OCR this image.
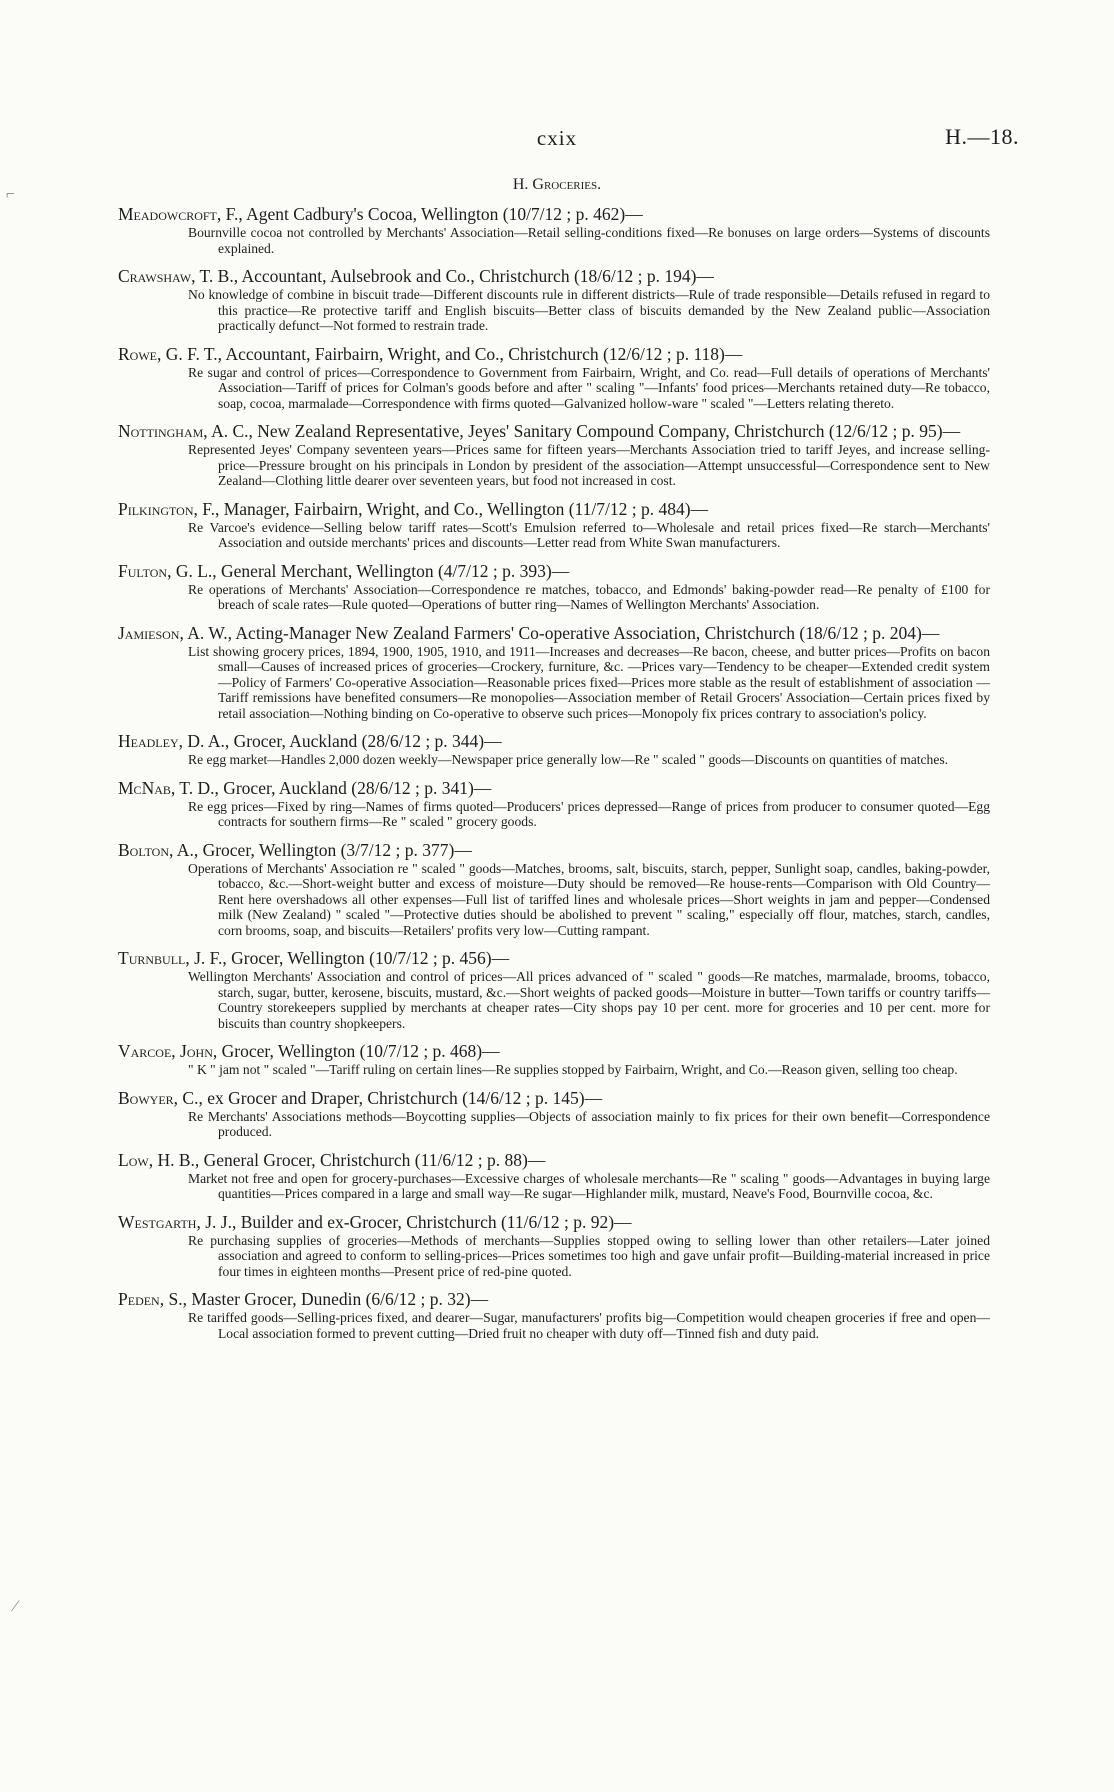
cxix	H.—18.
H. Groceries.
⌐
⁄
Meadowcroft, F., Agent Cadbury's Cocoa, Wellington (10/7/12 ; p. 462)—
Bournville cocoa not controlled by Merchants' Association—Retail selling-conditions fixed—Re bonuses on large orders—Systems of discounts explained.
Crawshaw, T. B., Accountant, Aulsebrook and Co., Christchurch (18/6/12 ; p. 194)—
No knowledge of combine in biscuit trade—Different discounts rule in different districts—Rule of trade responsible—Details refused in regard to this practice—Re protective tariff and English biscuits—Better class of biscuits demanded by the New Zealand public—Association practically defunct—Not formed to restrain trade.
Rowe, G. F. T., Accountant, Fairbairn, Wright, and Co., Christchurch (12/6/12 ; p. 118)—
Re sugar and control of prices—Correspondence to Government from Fairbairn, Wright, and Co. read—Full details of operations of Merchants' Association—Tariff of prices for Colman's goods before and after " scaling "—Infants' food prices—Merchants retained duty—Re tobacco, soap, cocoa, marmalade—Correspondence with firms quoted—Galvanized hollow-ware " scaled "—Letters relating thereto.
Nottingham, A. C., New Zealand Representative, Jeyes' Sanitary Compound Company, Christchurch (12/6/12 ; p. 95)—
Represented Jeyes' Company seventeen years—Prices same for fifteen years—Merchants Association tried to tariff Jeyes, and increase selling-price—Pressure brought on his principals in London by president of the association—Attempt unsuccessful—Correspondence sent to New Zealand—Clothing little dearer over seventeen years, but food not increased in cost.
Pilkington, F., Manager, Fairbairn, Wright, and Co., Wellington (11/7/12 ; p. 484)—
Re Varcoe's evidence—Selling below tariff rates—Scott's Emulsion referred to—Wholesale and retail prices fixed—Re starch—Merchants' Association and outside merchants' prices and discounts—Letter read from White Swan manufacturers.
Fulton, G. L., General Merchant, Wellington (4/7/12 ; p. 393)—
Re operations of Merchants' Association—Correspondence re matches, tobacco, and Edmonds' baking-powder read—Re penalty of £100 for breach of scale rates—Rule quoted—Operations of butter ring—Names of Wellington Merchants' Association.
Jamieson, A. W., Acting-Manager New Zealand Farmers' Co-operative Association, Christchurch (18/6/12 ; p. 204)—
List showing grocery prices, 1894, 1900, 1905, 1910, and 1911—Increases and decreases—Re bacon, cheese, and butter prices—Profits on bacon small—Causes of increased prices of groceries—Crockery, furniture, &c. —Prices vary—Tendency to be cheaper—Extended credit system—Policy of Farmers' Co-operative Association—Reasonable prices fixed—Prices more stable as the result of establishment of association —Tariff remissions have benefited consumers—Re monopolies—Association member of Retail Grocers' Association—Certain prices fixed by retail association—Nothing binding on Co-operative to observe such prices—Monopoly fix prices contrary to association's policy.
Headley, D. A., Grocer, Auckland (28/6/12 ; p. 344)—
Re egg market—Handles 2,000 dozen weekly—Newspaper price generally low—Re " scaled " goods—Discounts on quantities of matches.
McNab, T. D., Grocer, Auckland (28/6/12 ; p. 341)—
Re egg prices—Fixed by ring—Names of firms quoted—Producers' prices depressed—Range of prices from producer to consumer quoted—Egg contracts for southern firms—Re " scaled " grocery goods.
Bolton, A., Grocer, Wellington (3/7/12 ; p. 377)—
Operations of Merchants' Association re " scaled " goods—Matches, brooms, salt, biscuits, starch, pepper, Sunlight soap, candles, baking-powder, tobacco, &c.—Short-weight butter and excess of moisture—Duty should be removed—Re house-rents—Comparison with Old Country—Rent here overshadows all other expenses—Full list of tariffed lines and wholesale prices—Short weights in jam and pepper—Condensed milk (New Zealand) " scaled "—Protective duties should be abolished to prevent " scaling," especially off flour, matches, starch, candles, corn brooms, soap, and biscuits—Retailers' profits very low—Cutting rampant.
Turnbull, J. F., Grocer, Wellington (10/7/12 ; p. 456)—
Wellington Merchants' Association and control of prices—All prices advanced of " scaled " goods—Re matches, marmalade, brooms, tobacco, starch, sugar, butter, kerosene, biscuits, mustard, &c.—Short weights of packed goods—Moisture in butter—Town tariffs or country tariffs—Country storekeepers supplied by merchants at cheaper rates—City shops pay 10 per cent. more for groceries and 10 per cent. more for biscuits than country shopkeepers.
Varcoe, John, Grocer, Wellington (10/7/12 ; p. 468)—
" K " jam not " scaled "—Tariff ruling on certain lines—Re supplies stopped by Fairbairn, Wright, and Co.—Reason given, selling too cheap.
Bowyer, C., ex Grocer and Draper, Christchurch (14/6/12 ; p. 145)—
Re Merchants' Associations methods—Boycotting supplies—Objects of association mainly to fix prices for their own benefit—Correspondence produced.
Low, H. B., General Grocer, Christchurch (11/6/12 ; p. 88)—
Market not free and open for grocery-purchases—Excessive charges of wholesale merchants—Re " scaling " goods—Advantages in buying large quantities—Prices compared in a large and small way—Re sugar—Highlander milk, mustard, Neave's Food, Bournville cocoa, &c.
Westgarth, J. J., Builder and ex-Grocer, Christchurch (11/6/12 ; p. 92)—
Re purchasing supplies of groceries—Methods of merchants—Supplies stopped owing to selling lower than other retailers—Later joined association and agreed to conform to selling-prices—Prices sometimes too high and gave unfair profit—Building-material increased in price four times in eighteen months—Present price of red-pine quoted.
Peden, S., Master Grocer, Dunedin (6/6/12 ; p. 32)—
Re tariffed goods—Selling-prices fixed, and dearer—Sugar, manufacturers' profits big—Competition would cheapen groceries if free and open—Local association formed to prevent cutting—Dried fruit no cheaper with duty off—Tinned fish and duty paid.
